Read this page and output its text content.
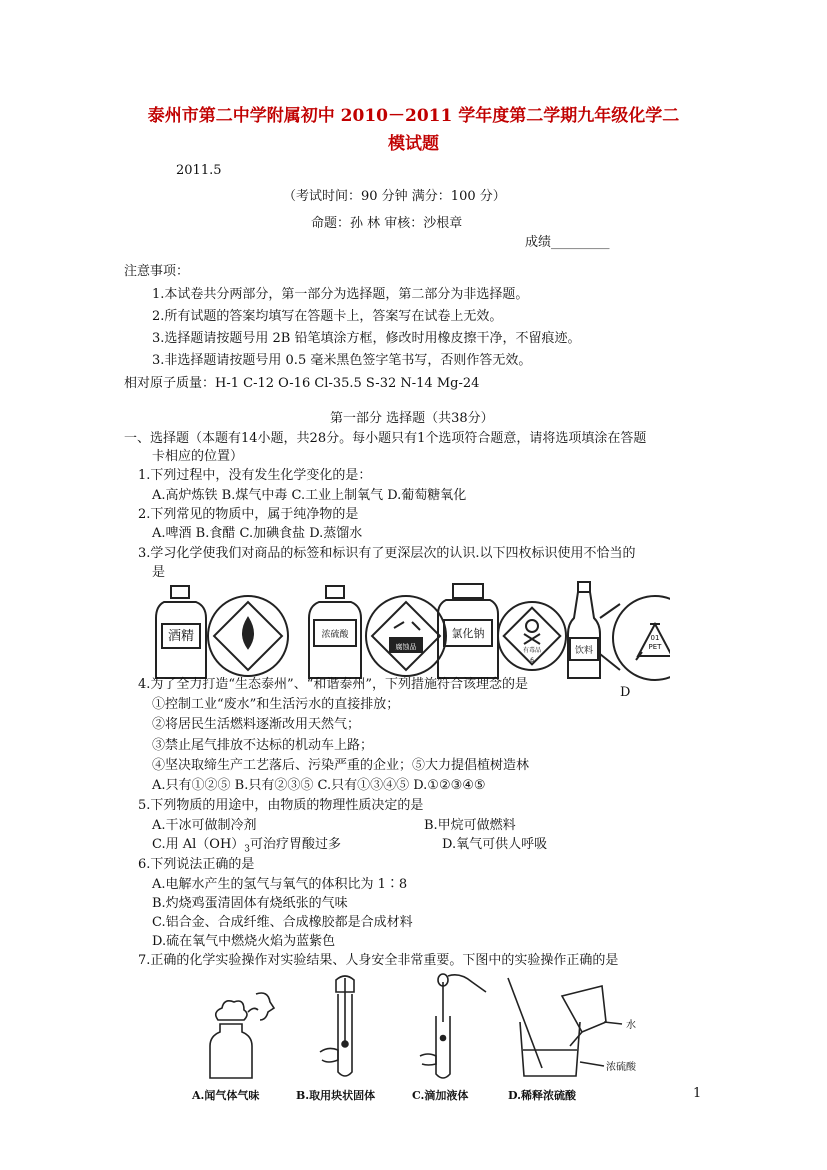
泰州市第二中学附属初中 2010－2011 学年度第二学期九年级化学二
模试题
2011.5
（考试时间：90 分钟 满分：100 分）
命题：孙 林 审核：沙根章
成绩_________
注意事项：
1.本试卷共分两部分，第一部分为选择题，第二部分为非选择题。
2.所有试题的答案均填写在答题卡上，答案写在试卷上无效。
3.选择题请按题号用 2B 铅笔填涂方框，修改时用橡皮擦干净，不留痕迹。
3.非选择题请按题号用 0.5 毫米黑色签字笔书写，否则作答无效。
相对原子质量：H-1 C-12 O-16 Cl-35.5 S-32 N-14 Mg-24
第一部分 选择题（共38分）
一、选择题（本题有14小题，共28分。每小题只有1个选项符合题意，请将选项填涂在答题
卡相应的位置）
1.下列过程中，没有发生化学变化的是：
A.高炉炼铁 B.煤气中毒 C.工业上制氧气 D.葡萄糖氧化
2.下列常见的物质中，属于纯净物的是
A.啤酒 B.食醋 C.加碘食盐 D.蒸馏水
3.学习化学使我们对商品的标签和标识有了更深层次的认识.以下四枚标识使用不恰当的
是
酒精	浓硫酸
腐蚀品
氯化钠
有毒品
6
饮料
01
PET
D
4.为了全力打造“生态泰州”、“和谐泰州”，下列措施符合该理念的是
①控制工业“废水”和生活污水的直接排放；
②将居民生活燃料逐渐改用天然气；
③禁止尾气排放不达标的机动车上路；
④坚决取缔生产工艺落后、污染严重的企业；⑤大力提倡植树造林
A.只有①②⑤ B.只有②③⑤ C.只有①③④⑤ D.①②③④⑤
5.下列物质的用途中，由物质的物理性质决定的是
A.干冰可做制冷剂	B.甲烷可做燃料
C.用 $Al(OH)_3$可治疗胃酸过多	D.氧气可供人呼吸
6.下列说法正确的是
A.电解水产生的氢气与氧气的体积比为 1∶8
B.灼烧鸡蛋清固体有烧纸张的气味
C.铝合金、合成纤维、合成橡胶都是合成材料
D.硫在氧气中燃烧火焰为蓝紫色
7.正确的化学实验操作对实验结果、人身安全非常重要。下图中的实验操作正确的是
水
浓硫酸
A.闻气体气味	B.取用块状固体	C.滴加液体	D.稀释浓硫酸	1
